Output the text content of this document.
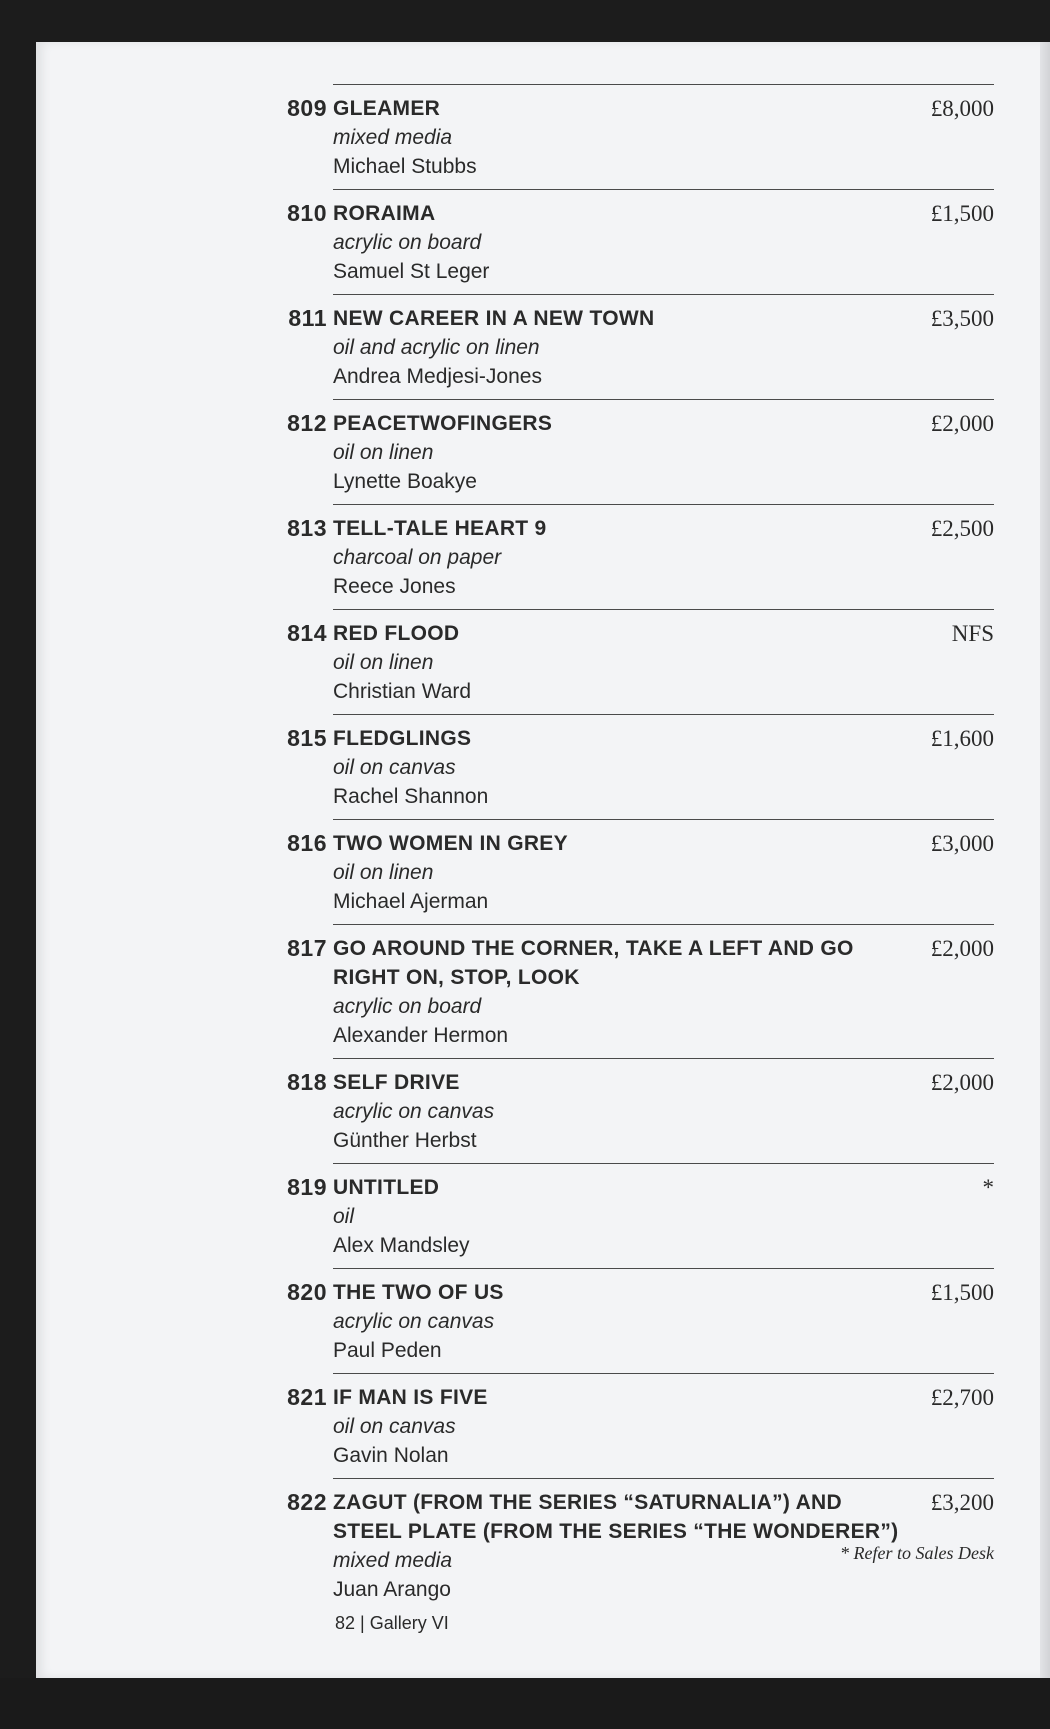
809	£8,000
GLEAMER
mixed media
Michael Stubbs
810	£1,500
RORAIMA
acrylic on board
Samuel St Leger
811	£3,500
NEW CAREER IN A NEW TOWN
oil and acrylic on linen
Andrea Medjesi-Jones
812	£2,000
PEACETWOFINGERS
oil on linen
Lynette Boakye
813	£2,500
TELL-TALE HEART 9
charcoal on paper
Reece Jones
814	NFS
RED FLOOD
oil on linen
Christian Ward
815	£1,600
FLEDGLINGS
oil on canvas
Rachel Shannon
816	£3,000
TWO WOMEN IN GREY
oil on linen
Michael Ajerman
817	£2,000
GO AROUND THE CORNER, TAKE A LEFT AND GO RIGHT ON, STOP, LOOK
acrylic on board
Alexander Hermon
818	£2,000
SELF DRIVE
acrylic on canvas
Günther Herbst
819	*
UNTITLED
oil
Alex Mandsley
820	£1,500
THE TWO OF US
acrylic on canvas
Paul Peden
821	£2,700
IF MAN IS FIVE
oil on canvas
Gavin Nolan
822	£3,200
ZAGUT (FROM THE SERIES “SATURNALIA”) AND STEEL PLATE (FROM THE SERIES “THE WONDERER”)
mixed media
Juan Arango
* Refer to Sales Desk
82 | Gallery VI
